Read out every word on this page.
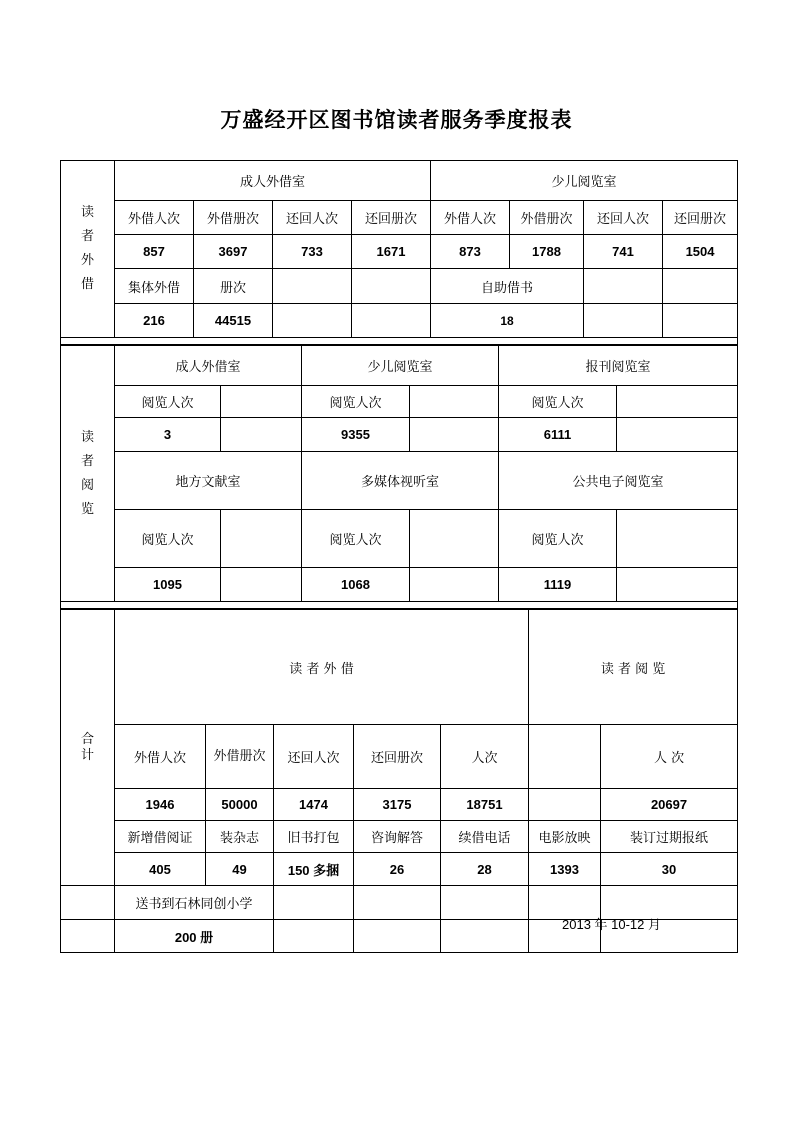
万盛经开区图书馆读者服务季度报表
读者外借	成人外借室				少儿阅览室			
	外借人次	外借册次	还回人次	还回册次	外借人次	外借册次	还回人次	还回册次
	857	3697	733	1671	873	1788	741	1504
	集体外借	册次			自助借书			
	216	44515			18			

读者阅览	成人外借室		少儿阅览室		报刊阅览室	
	阅览人次		阅览人次		阅览人次	
	3		9355		6111	
	地方文献室		多媒体视听室		公共电子阅览室	
	阅览人次		阅览人次		阅览人次	
	1095		1068		1119	

合计	读 者 外 借					读 者 阅 览	
	外借人次	外借册次	还回人次	还回册次	人次		人 次	
	1946	50000	1474	3175	18751		20697	
	新增借阅证	装杂志	旧书打包	咨询解答	续借电话	电影放映	装订过期报纸	
	405	49	150 多捆	26	28	1393	30	
	送书到石林同创小学							
	200 册							
2013 年 10-12 月
